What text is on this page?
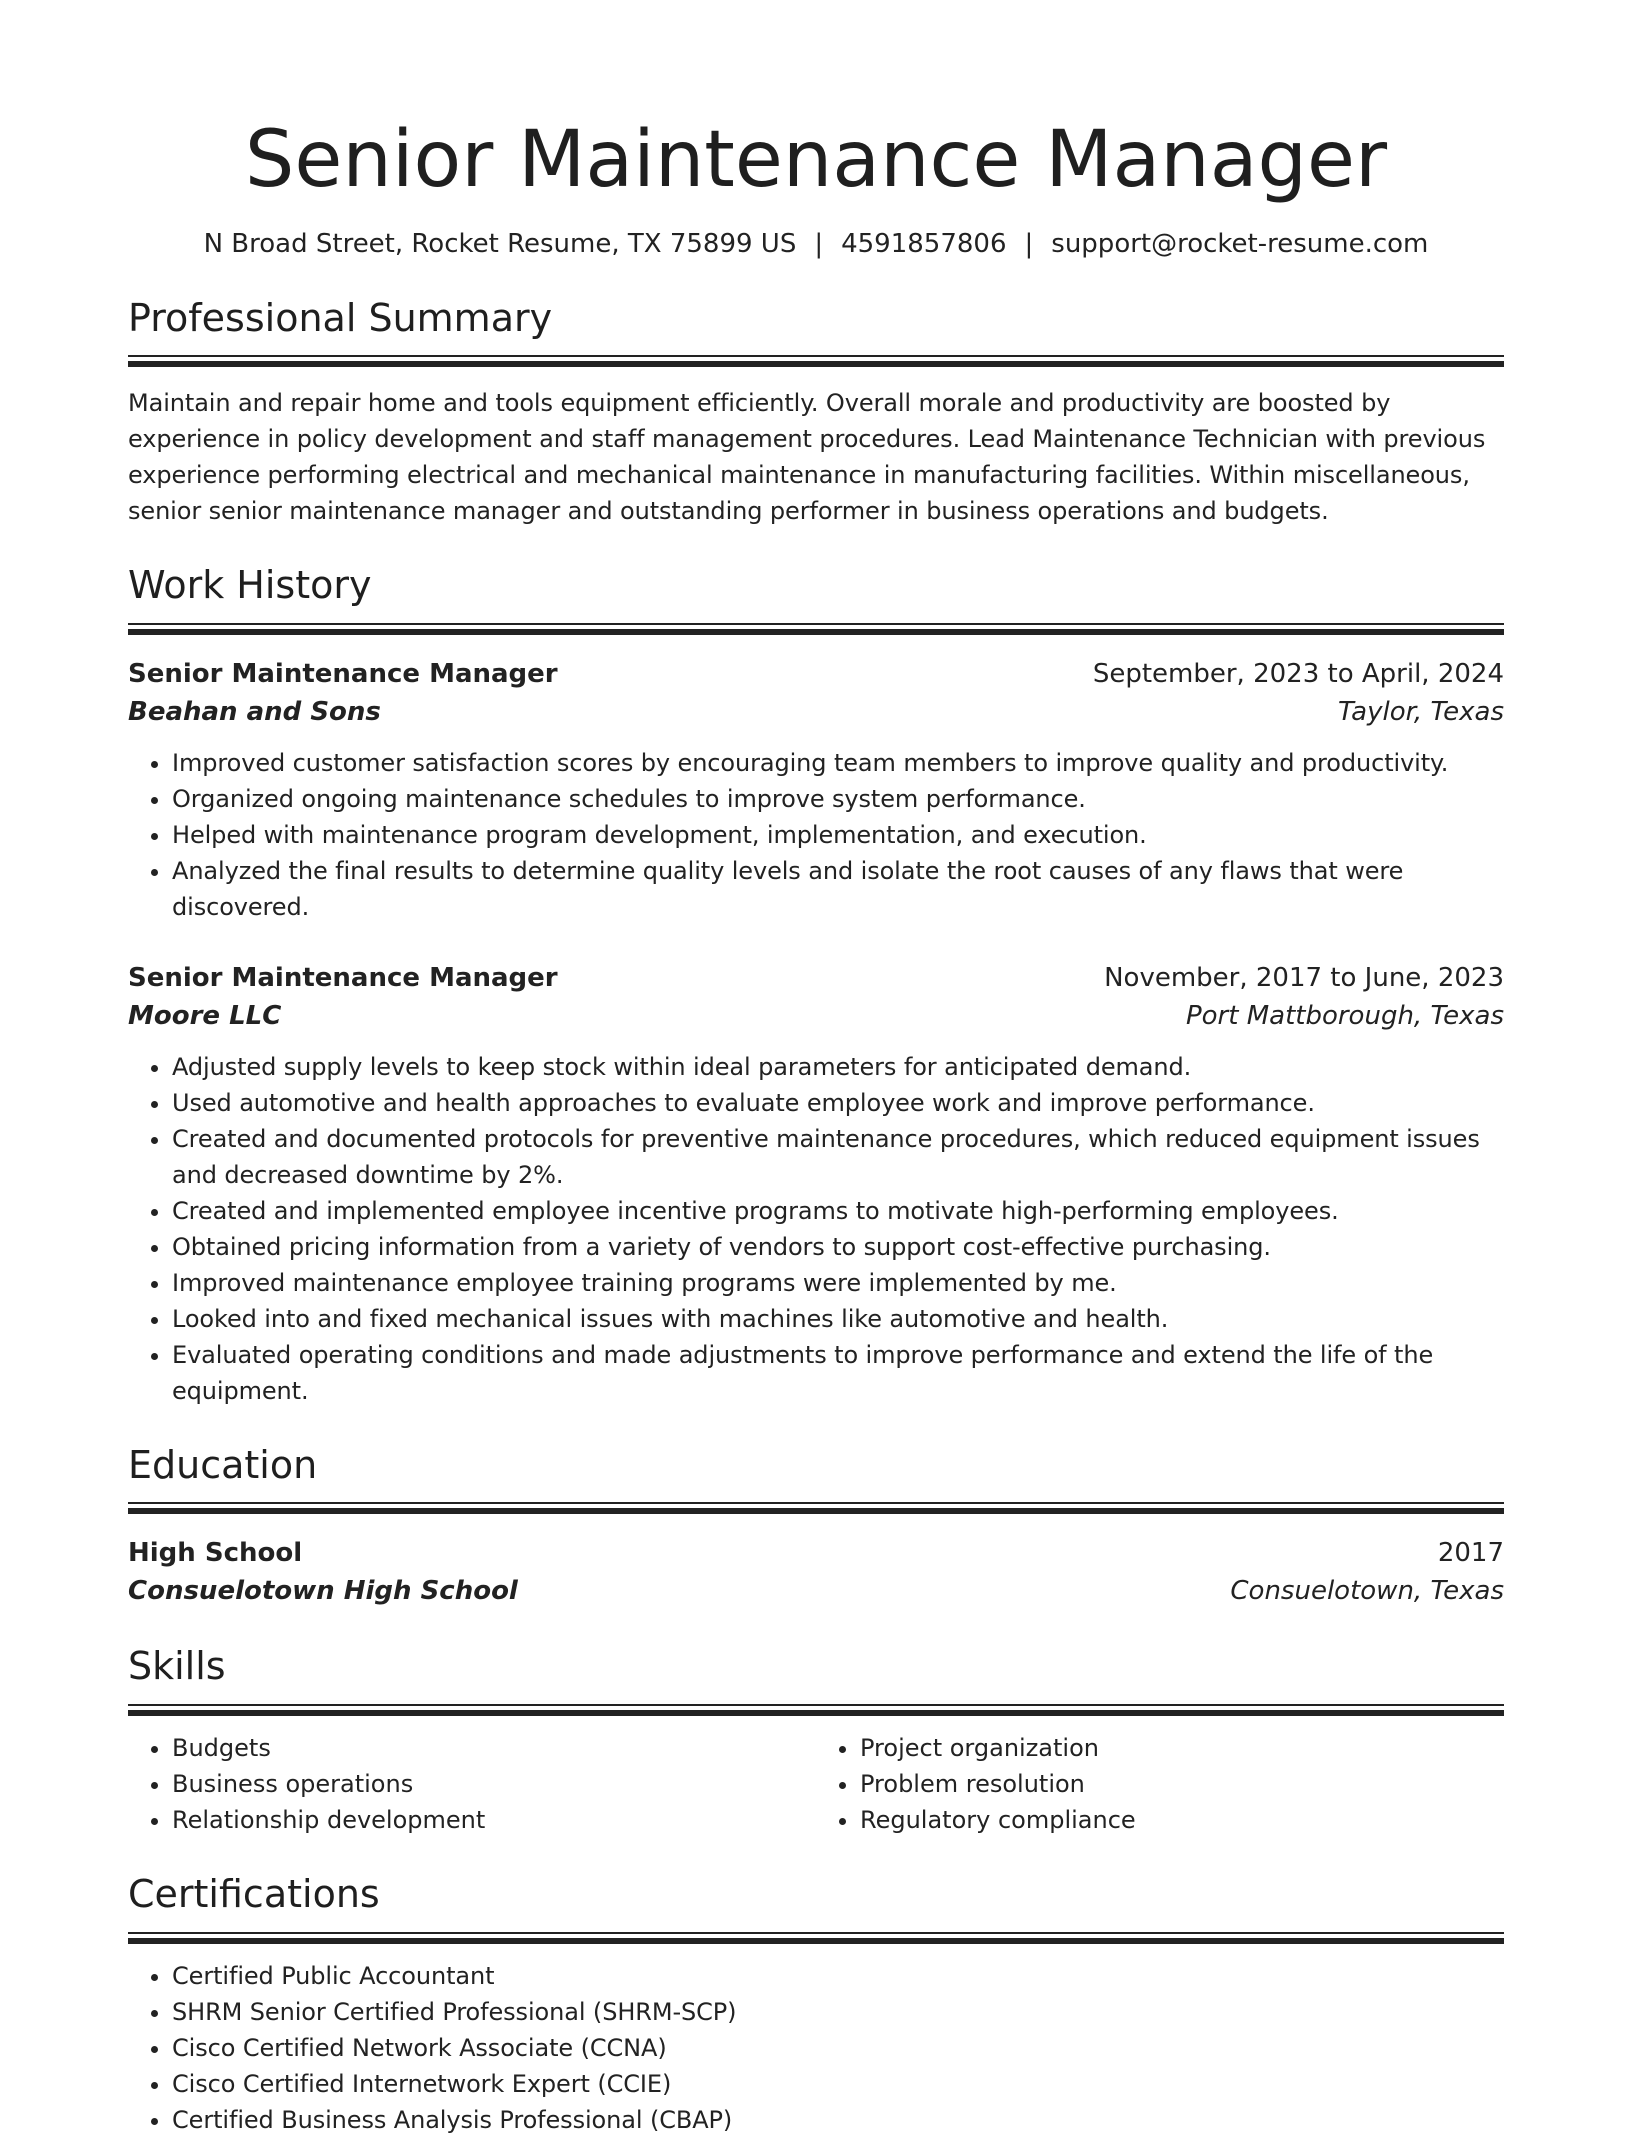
Senior Maintenance Manager
N Broad Street, Rocket Resume, TX 75899 US | 4591857806 | support@rocket-resume.com
Professional Summary

Maintain and repair home and tools equipment efficiently. Overall morale and productivity are boosted by experience in policy development and staff management procedures. Lead Maintenance Technician with previous experience performing electrical and mechanical maintenance in manufacturing facilities. Within miscellaneous, senior senior maintenance manager and outstanding performer in business operations and budgets.

Work History
Senior Maintenance Manager	September, 2023 to April, 2024
Beahan and Sons	Taylor, Texas
• Improved customer satisfaction scores by encouraging team members to improve quality and productivity.
• Organized ongoing maintenance schedules to improve system performance.
• Helped with maintenance program development, implementation, and execution.
• Analyzed the final results to determine quality levels and isolate the root causes of any flaws that were discovered.
Senior Maintenance Manager	November, 2017 to June, 2023
Moore LLC	Port Mattborough, Texas
• Adjusted supply levels to keep stock within ideal parameters for anticipated demand.
• Used automotive and health approaches to evaluate employee work and improve performance.
• Created and documented protocols for preventive maintenance procedures, which reduced equipment issues and decreased downtime by 2%.
• Created and implemented employee incentive programs to motivate high-performing employees.
• Obtained pricing information from a variety of vendors to support cost-effective purchasing.
• Improved maintenance employee training programs were implemented by me.
• Looked into and fixed mechanical issues with machines like automotive and health.
• Evaluated operating conditions and made adjustments to improve performance and extend the life of the equipment.
Education
High School	2017
Consuelotown High School	Consuelotown, Texas
Skills
• Budgets
• Business operations
• Relationship development
• Project organization
• Problem resolution
• Regulatory compliance
Certifications
• Certified Public Accountant
• SHRM Senior Certified Professional (SHRM-SCP)
• Cisco Certified Network Associate (CCNA)
• Cisco Certified Internetwork Expert (CCIE)
• Certified Business Analysis Professional (CBAP)
